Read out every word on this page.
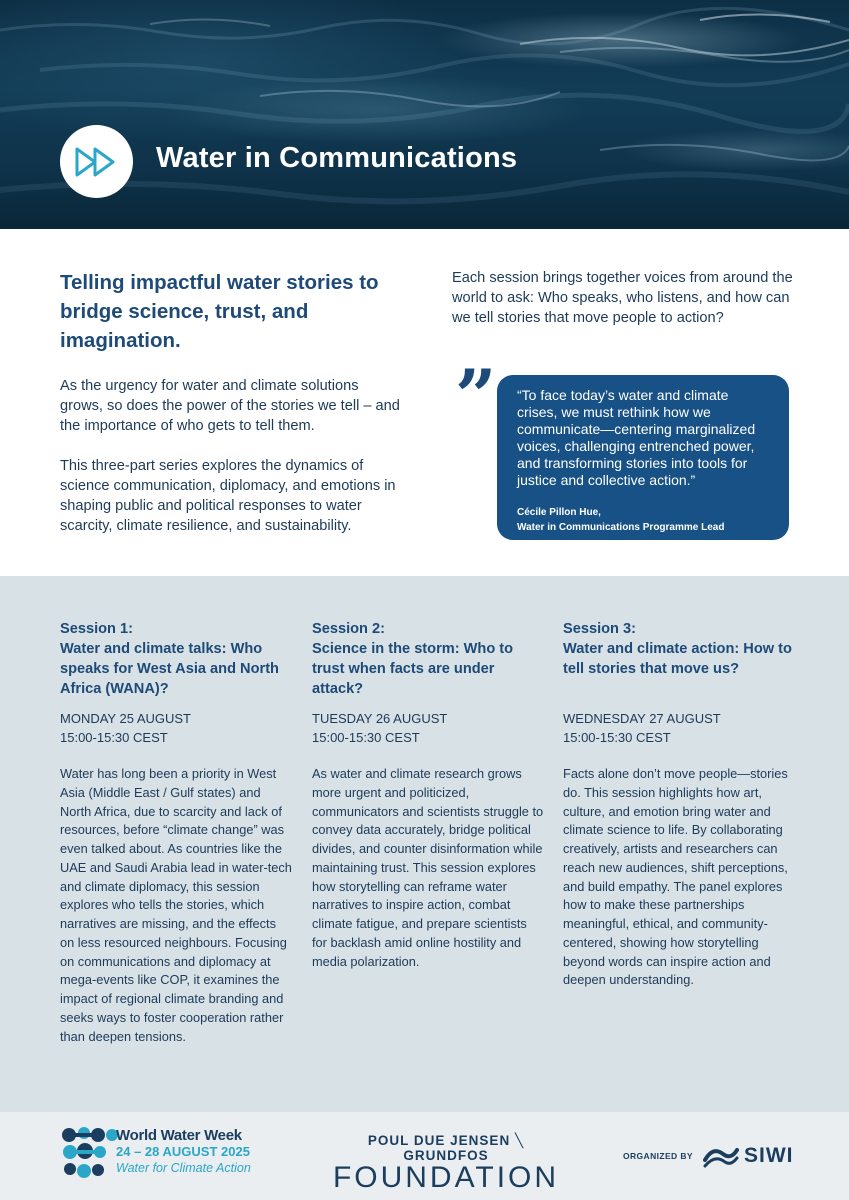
Water in Communications
Telling impactful water stories to bridge science, trust, and imagination.

As the urgency for water and climate solutions grows, so does the power of the stories we tell – and the importance of who gets to tell them.

This three-part series explores the dynamics of science communication, diplomacy, and emotions in shaping public and political responses to water scarcity, climate resilience, and sustainability.

Each session brings together voices from around the world to ask: Who speaks, who listens, and how can we tell stories that move people to action?

” “To face today’s water and climate crises, we must rethink how we communicate—centering marginalized voices, challenging entrenched power, and transforming stories into tools for justice and collective action.”
Cécile Pillon Hue,
Water in Communications Programme Lead
Session 1:
Water and climate talks: Who speaks for West Asia and North Africa (WANA)?
MONDAY 25 AUGUST
15:00-15:30 CEST

Water has long been a priority in West Asia (Middle East / Gulf states) and North Africa, due to scarcity and lack of resources, before “climate change” was even talked about. As countries like the UAE and Saudi Arabia lead in water-tech and climate diplomacy, this session explores who tells the stories, which narratives are missing, and the effects on less resourced neighbours. Focusing on communications and diplomacy at mega-events like COP, it examines the impact of regional climate branding and seeks ways to foster cooperation rather than deepen tensions.

Session 2:
Science in the storm: Who to trust when facts are under attack?
TUESDAY 26 AUGUST
15:00-15:30 CEST

As water and climate research grows more urgent and politicized, communicators and scientists struggle to convey data accurately, bridge political divides, and counter disinformation while maintaining trust. This session explores how storytelling can reframe water narratives to inspire action, combat climate fatigue, and prepare scientists for backlash amid online hostility and media polarization.

Session 3:
Water and climate action: How to tell stories that move us?
WEDNESDAY 27 AUGUST
15:00-15:30 CEST

Facts alone don’t move people—stories do. This session highlights how art, culture, and emotion bring water and climate science to life. By collaborating creatively, artists and researchers can reach new audiences, shift perceptions, and build empathy. The panel explores how to make these partnerships meaningful, ethical, and community-centered, showing how storytelling beyond words can inspire action and deepen understanding.

World Water Week
24 – 28 AUGUST 2025
Water for Climate Action
POUL DUE JENSEN ╲ GRUNDFOS
FOUNDATION
ORGANIZED BY SIWI
